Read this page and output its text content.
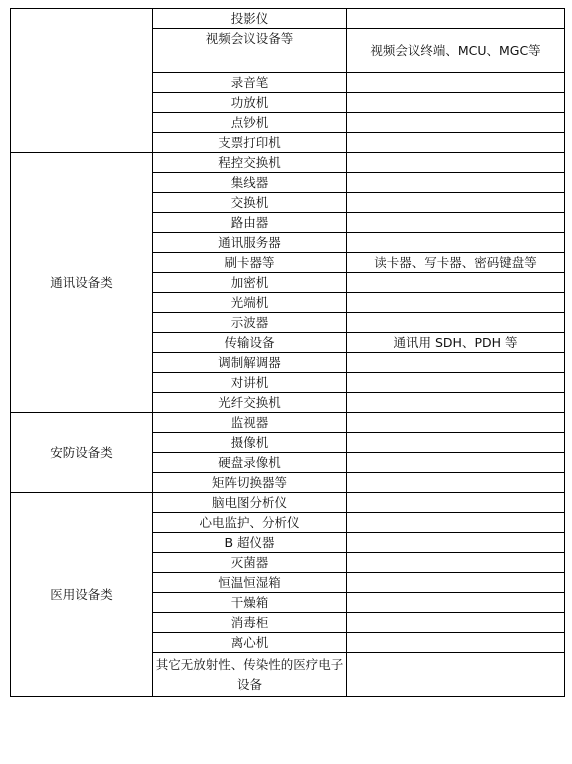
	投影仪	
	视频会议设备等	视频会议终端、MCU、MGC等
	录音笔	
	功放机	
	点钞机	
	支票打印机	
通讯设备类	程控交换机	
	集线器	
	交换机	
	路由器	
	通讯服务器	
	刷卡器等	读卡器、写卡器、密码键盘等
	加密机	
	光端机	
	示波器	
	传输设备	通讯用 SDH、PDH 等
	调制解调器	
	对讲机	
	光纤交换机	
安防设备类	监视器	
	摄像机	
	硬盘录像机	
	矩阵切换器等	
医用设备类	脑电图分析仪	
	心电监护、分析仪	
	B 超仪器	
	灭菌器	
	恒温恒湿箱	
	干燥箱	
	消毒柜	
	离心机	
	其它无放射性、传染性的医疗电子设备	
